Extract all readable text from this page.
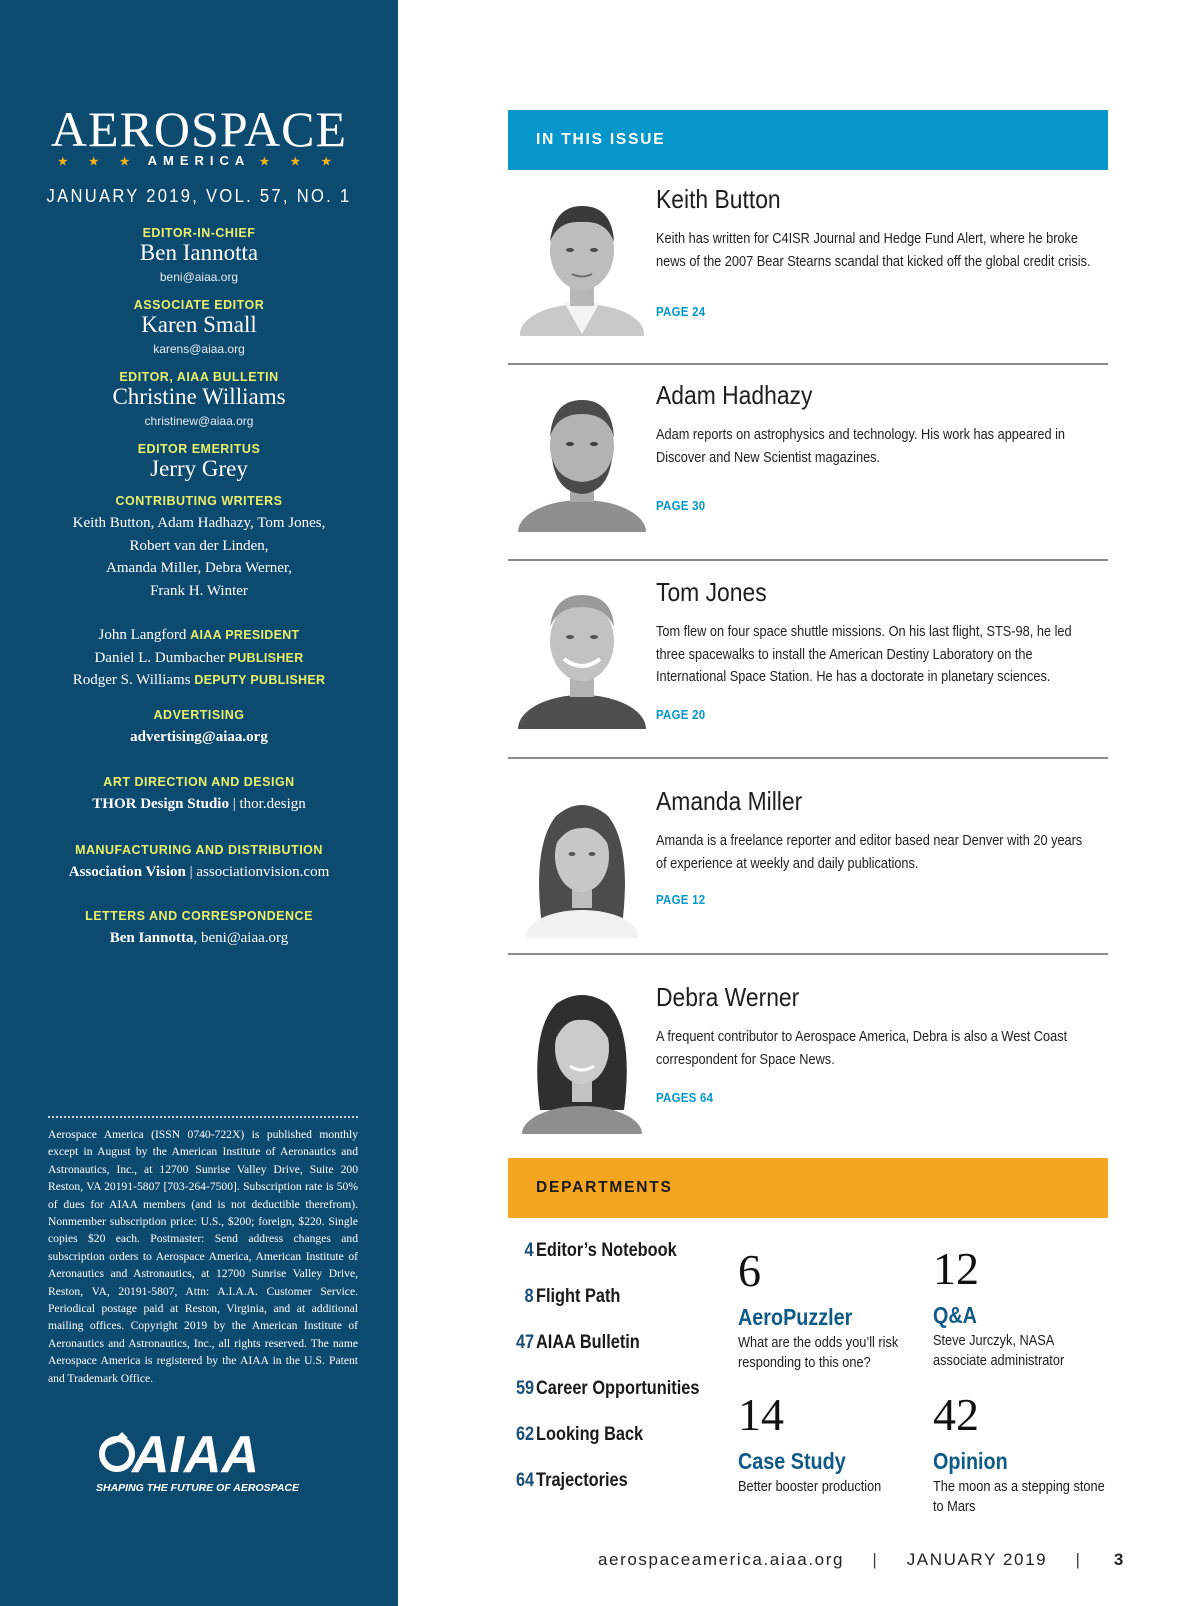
AEROSPACE
★ ★ ★ AMERICA ★ ★ ★
JANUARY 2019, VOL. 57, NO. 1
EDITOR-IN-CHIEF
Ben Iannotta
beni@aiaa.org
ASSOCIATE EDITOR
Karen Small
karens@aiaa.org
EDITOR, AIAA BULLETIN
Christine Williams
christinew@aiaa.org
EDITOR EMERITUS
Jerry Grey
CONTRIBUTING WRITERS
Keith Button, Adam Hadhazy, Tom Jones,
Robert van der Linden,
Amanda Miller, Debra Werner,
Frank H. Winter
John Langford AIAA PRESIDENT
Daniel L. Dumbacher PUBLISHER
Rodger S. Williams DEPUTY PUBLISHER
ADVERTISING
advertising@aiaa.org
ART DIRECTION AND DESIGN
THOR Design Studio | thor.design
MANUFACTURING AND DISTRIBUTION
Association Vision | associationvision.com
LETTERS AND CORRESPONDENCE
Ben Iannotta, beni@aiaa.org
Aerospace America (ISSN 0740-722X) is published monthly except in August by the American Institute of Aeronautics and Astronautics, Inc., at 12700 Sunrise Valley Drive, Suite 200 Reston, VA 20191-5807 [703-264-7500]. Subscription rate is 50% of dues for AIAA members (and is not deductible therefrom). Nonmember subscription price: U.S., $200; foreign, $220. Single copies $20 each. Postmaster: Send address changes and subscription orders to Aerospace America, American Institute of Aeronautics and Astronautics, at 12700 Sunrise Valley Drive, Reston, VA, 20191-5807, Attn: A.I.A.A. Customer Service. Periodical postage paid at Reston, Virginia, and at additional mailing offices. Copyright 2019 by the American Institute of Aeronautics and Astronautics, Inc., all rights reserved. The name Aerospace America is registered by the AIAA in the U.S. Patent and Trademark Office.
AIAA
SHAPING THE FUTURE OF AEROSPACE
IN THIS ISSUE
Keith Button
Keith has written for C4ISR Journal and Hedge Fund Alert, where he broke news of the 2007 Bear Stearns scandal that kicked off the global credit crisis.
PAGE 24
Adam Hadhazy
Adam reports on astrophysics and technology. His work has appeared in Discover and New Scientist magazines.
PAGE 30
Tom Jones
Tom flew on four space shuttle missions. On his last flight, STS-98, he led three spacewalks to install the American Destiny Laboratory on the International Space Station. He has a doctorate in planetary sciences.
PAGE 20
Amanda Miller
Amanda is a freelance reporter and editor based near Denver with 20 years of experience at weekly and daily publications.
PAGE 12
Debra Werner
A frequent contributor to Aerospace America, Debra is also a West Coast correspondent for Space News.
PAGES 64
DEPARTMENTS
4 Editor’s Notebook
8 Flight Path
47 AIAA Bulletin
59 Career Opportunities
62 Looking Back
64 Trajectories
6
AeroPuzzler
What are the odds you’ll risk responding to this one?
12
Q&A
Steve Jurczyk, NASA associate administrator
14
Case Study
Better booster production
42
Opinion
The moon as a stepping stone to Mars
aerospaceamerica.aiaa.org | JANUARY 2019 | 3
